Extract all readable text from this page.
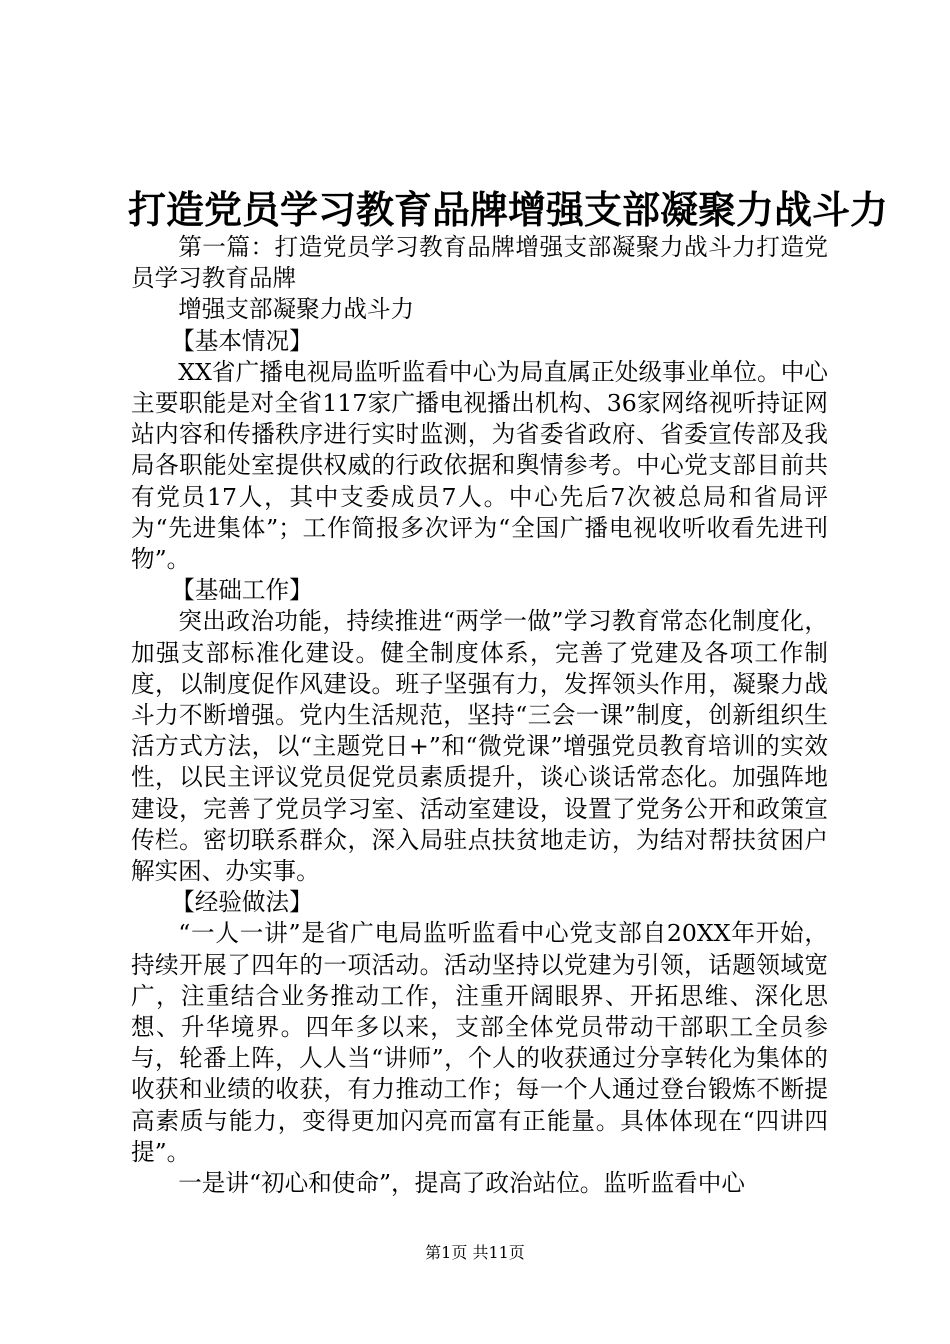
打造党员学习教育品牌增强支部凝聚力战斗力

第一篇：打造党员学习教育品牌增强支部凝聚力战斗力打造党员学习教育品牌

增强支部凝聚力战斗力

【基本情况】

XX省广播电视局监听监看中心为局直属正处级事业单位。中心主要职能是对全省117家广播电视播出机构、36家网络视听持证网站内容和传播秩序进行实时监测，为省委省政府、省委宣传部及我局各职能处室提供权威的行政依据和舆情参考。中心党支部目前共有党员17人，其中支委成员7人。中心先后7次被总局和省局评为“先进集体”；工作简报多次评为“全国广播电视收听收看先进刊物”。

【基础工作】

突出政治功能，持续推进“两学一做”学习教育常态化制度化，加强支部标准化建设。健全制度体系，完善了党建及各项工作制度，以制度促作风建设。班子坚强有力，发挥领头作用，凝聚力战斗力不断增强。党内生活规范，坚持“三会一课”制度，创新组织生活方式方法，以“主题党日+”和“微党课”增强党员教育培训的实效性，以民主评议党员促党员素质提升，谈心谈话常态化。加强阵地建设，完善了党员学习室、活动室建设，设置了党务公开和政策宣传栏。密切联系群众，深入局驻点扶贫地走访，为结对帮扶贫困户解实困、办实事。

【经验做法】

“一人一讲”是省广电局监听监看中心党支部自20XX年开始，持续开展了四年的一项活动。活动坚持以党建为引领，话题领域宽广，注重结合业务推动工作，注重开阔眼界、开拓思维、深化思想、升华境界。四年多以来，支部全体党员带动干部职工全员参与，轮番上阵，人人当“讲师”，个人的收获通过分享转化为集体的收获和业绩的收获，有力推动工作；每一个人通过登台锻炼不断提高素质与能力，变得更加闪亮而富有正能量。具体体现在“四讲四提”。

一是讲“初心和使命”，提高了政治站位。监听监看中心

第1页 共11页
